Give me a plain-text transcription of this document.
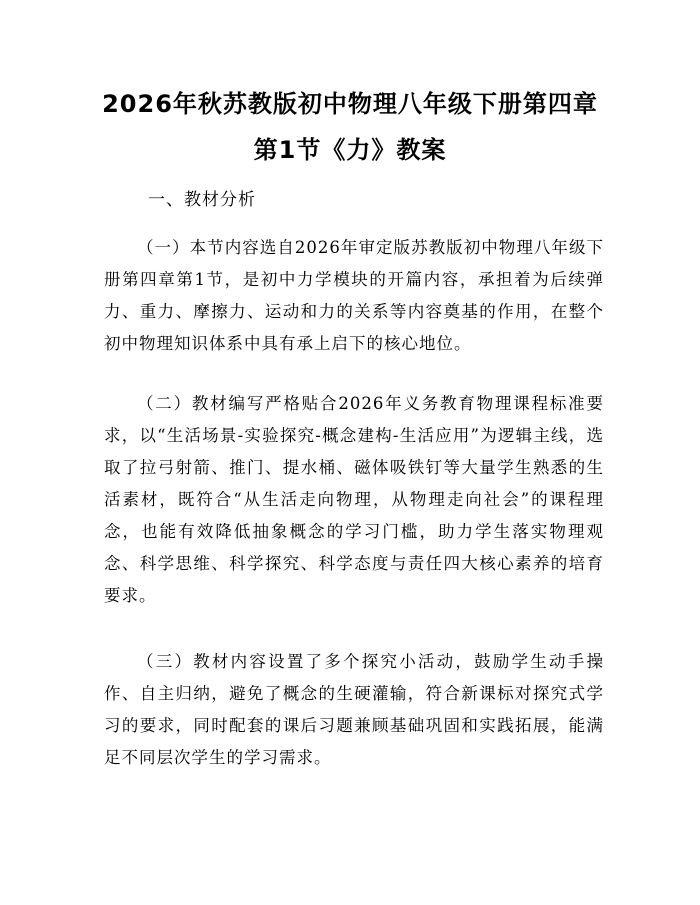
2026年秋苏教版初中物理八年级下册第四章
第1节《力》教案
一、教材分析

（一）本节内容选自2026年审定版苏教版初中物理八年级下册第四章第1节，是初中力学模块的开篇内容，承担着为后续弹力、重力、摩擦力、运动和力的关系等内容奠基的作用，在整个初中物理知识体系中具有承上启下的核心地位。

（二）教材编写严格贴合2026年义务教育物理课程标准要求，以“生活场景-实验探究-概念建构-生活应用”为逻辑主线，选取了拉弓射箭、推门、提水桶、磁体吸铁钉等大量学生熟悉的生活素材，既符合“从生活走向物理，从物理走向社会”的课程理念，也能有效降低抽象概念的学习门槛，助力学生落实物理观念、科学思维、科学探究、科学态度与责任四大核心素养的培育要求。

（三）教材内容设置了多个探究小活动，鼓励学生动手操作、自主归纳，避免了概念的生硬灌输，符合新课标对探究式学习的要求，同时配套的课后习题兼顾基础巩固和实践拓展，能满足不同层次学生的学习需求。
